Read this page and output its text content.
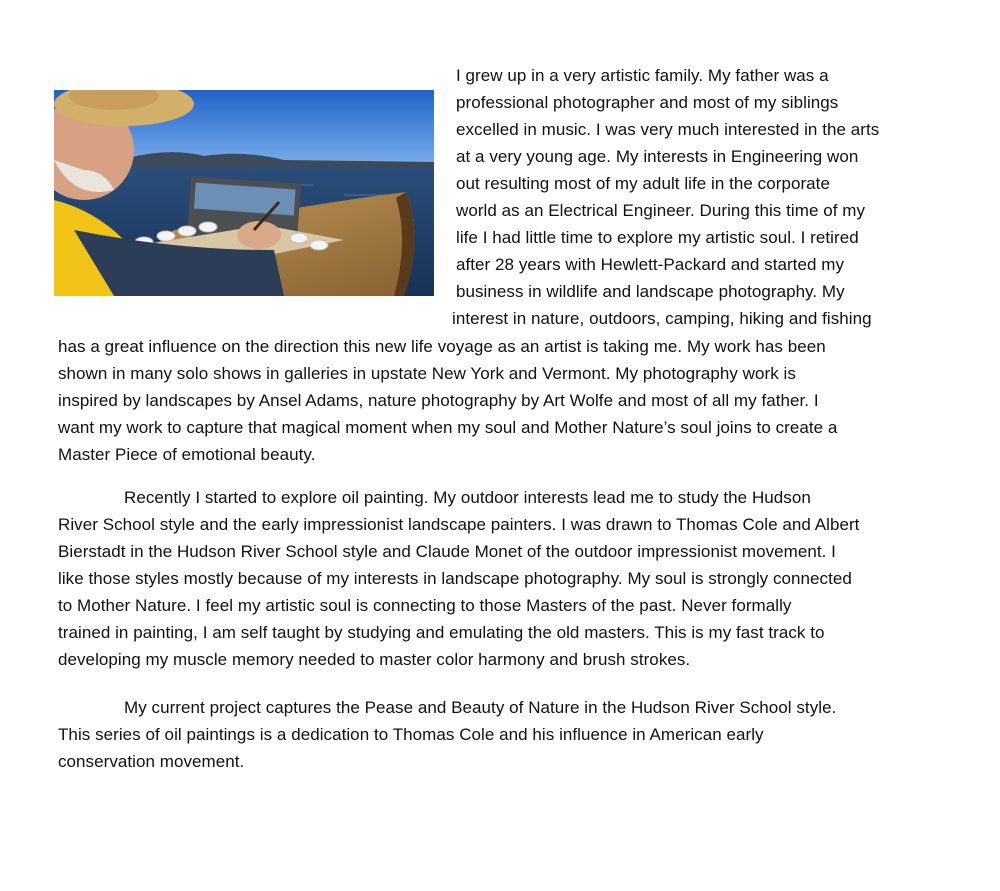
I grew up in a very artistic family. My father was a
professional photographer and most of my siblings
excelled in music. I was very much interested in the arts
at a very young age. My interests in Engineering won
out resulting most of my adult life in the corporate
world as an Electrical Engineer. During this time of my
life I had little time to explore my artistic soul. I retired
after 28 years with Hewlett-Packard and started my
business in wildlife and landscape photography. My
interest in nature, outdoors, camping, hiking and fishing
has a great influence on the direction this new life voyage as an artist is taking me. My work has been
shown in many solo shows in galleries in upstate New York and Vermont. My photography work is
inspired by landscapes by Ansel Adams, nature photography by Art Wolfe and most of all my father. I
want my work to capture that magical moment when my soul and Mother Nature’s soul joins to create a
Master Piece of emotional beauty.
Recently I started to explore oil painting. My outdoor interests lead me to study the Hudson
River School style and the early impressionist landscape painters. I was drawn to Thomas Cole and Albert
Bierstadt in the Hudson River School style and Claude Monet of the outdoor impressionist movement. I
like those styles mostly because of my interests in landscape photography. My soul is strongly connected
to Mother Nature. I feel my artistic soul is connecting to those Masters of the past. Never formally
trained in painting, I am self taught by studying and emulating the old masters. This is my fast track to
developing my muscle memory needed to master color harmony and brush strokes.
My current project captures the Pease and Beauty of Nature in the Hudson River School style.
This series of oil paintings is a dedication to Thomas Cole and his influence in American early
conservation movement.
